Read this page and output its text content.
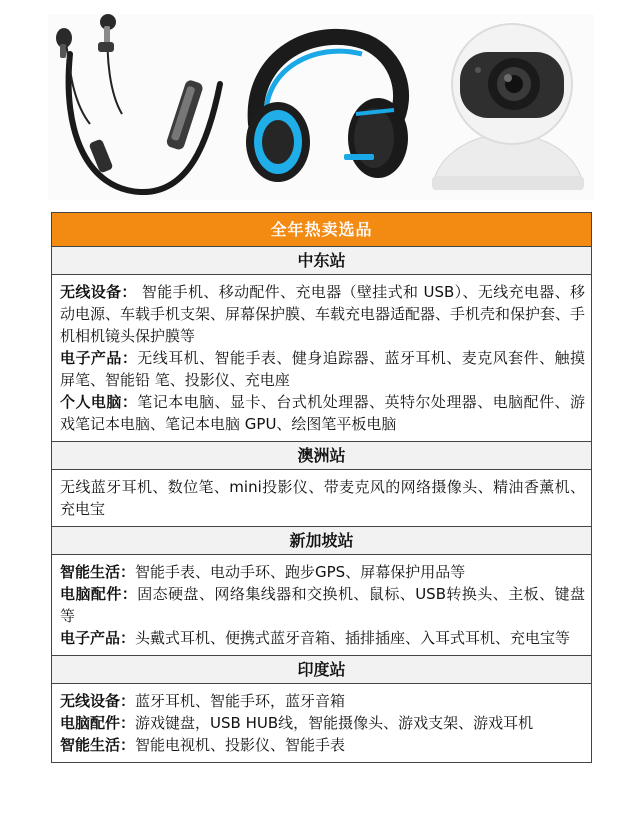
全年热卖选品
中东站

无线设备： 智能手机、移动配件、充电器（壁挂式和 USB）、无线充电器、移动电源、车载手机支架、屏幕保护膜、车载充电器适配器、手机壳和保护套、手机相机镜头保护膜等
电子产品：无线耳机、智能手表、健身追踪器、蓝牙耳机、麦克风套件、触摸屏笔、智能铅 笔、投影仪、充电座
个人电脑：笔记本电脑、显卡、台式机处理器、英特尔处理器、电脑配件、游戏笔记本电脑、笔记本电脑 GPU、绘图笔平板电脑

澳洲站

无线蓝牙耳机、数位笔、mini投影仪、带麦克风的网络摄像头、精油香薰机、充电宝

新加坡站

智能生活：智能手表、电动手环、跑步GPS、屏幕保护用品等
电脑配件：固态硬盘、网络集线器和交换机、鼠标、USB转换头、主板、键盘等
电子产品：头戴式耳机、便携式蓝牙音箱、插排插座、入耳式耳机、充电宝等

印度站

无线设备：蓝牙耳机、智能手环，蓝牙音箱
电脑配件：游戏键盘，USB HUB线，智能摄像头、游戏支架、游戏耳机
智能生活：智能电视机、投影仪、智能手表
